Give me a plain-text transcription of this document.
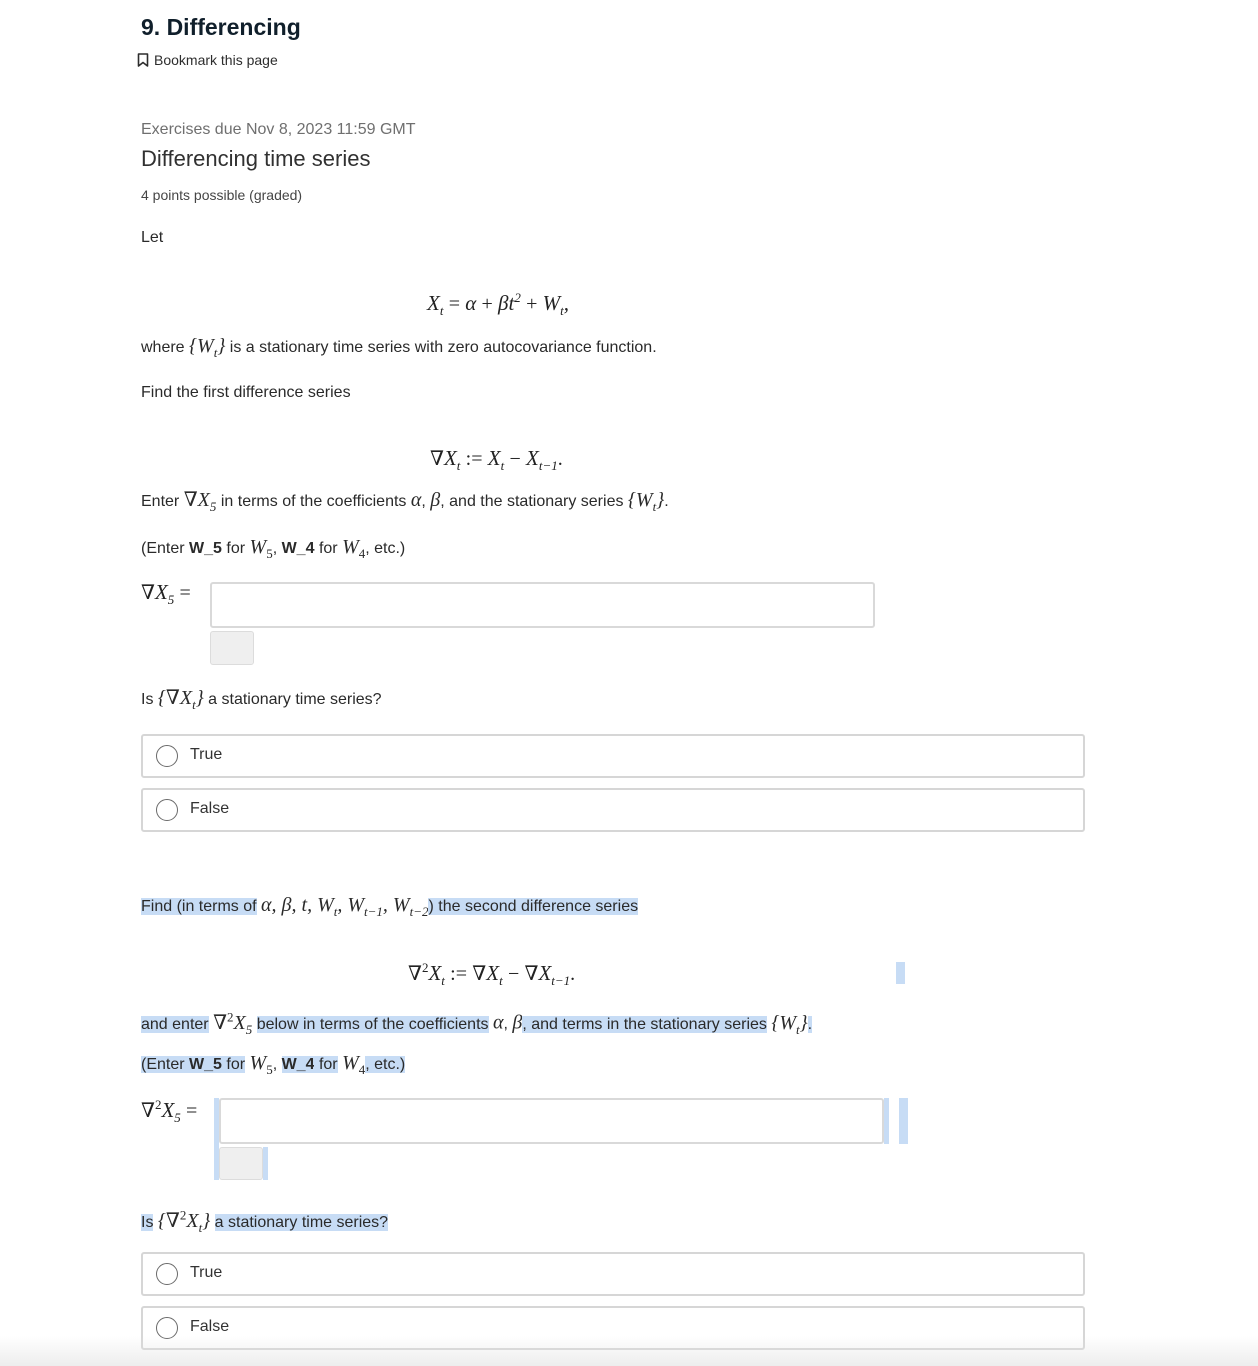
9. Differencing
Bookmark this page
Exercises due Nov 8, 2023 11:59 GMT
Differencing time series
4 points possible (graded)
Let
$X_t = \alpha + \beta t^2 + W_t$,
where $\{W_t\}$ is a stationary time series with zero autocovariance function.
Find the first difference series
$\nabla X_t$ := $X_t - X_{t-1}$.
Enter $\nabla X_5$ in terms of the coefficients α, β, and the stationary series $\{W_t\}$.
(Enter W_5 for $W_5$, W_4 for $W_4$, etc.)
$\nabla X_5$ =
Is $\{\nabla X_t\}$ a stationary time series?
True
False
Find (in terms of α, β, t, $W_t$, $W_{t-1}$, $W_{t-2}$) the second difference series
$\nabla^2X_t$ := $\nabla X_t - \nabla X_{t-1}$.
and enter $\nabla^2X_5$ below in terms of the coefficients α, β, and terms in the stationary series $\{W_t\}$.
(Enter W_5 for $W_5$, W_4 for $W_4$, etc.)
$\nabla^2X_5$ =
Is $\{\nabla^2X_t\}$ a stationary time series?
True
False
